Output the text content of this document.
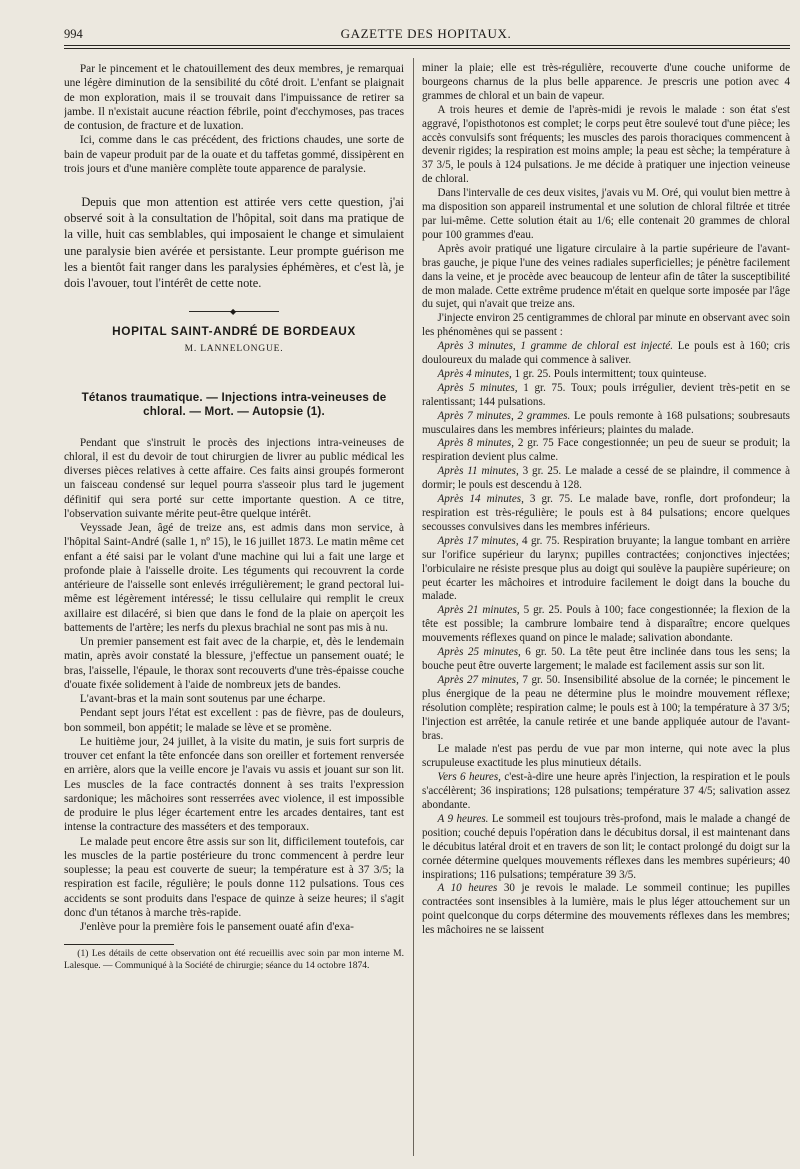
994	GAZETTE DES HOPITAUX.

Par le pincement et le chatouillement des deux membres, je remarquai une légère diminution de la sensibilité du côté droit. L'enfant se plaignait de mon exploration, mais il se trouvait dans l'impuissance de retirer sa jambe. Il n'existait aucune réaction fébrile, point d'ecchymoses, pas traces de contusion, de fracture et de luxation.

Ici, comme dans le cas précédent, des frictions chaudes, une sorte de bain de vapeur produit par de la ouate et du taffetas gommé, dissipèrent en trois jours et d'une manière complète toute apparence de paralysie.

Depuis que mon attention est attirée vers cette question, j'ai observé soit à la consultation de l'hôpital, soit dans ma pratique de la ville, huit cas semblables, qui imposaient le change et simulaient une paralysie bien avérée et persistante. Leur prompte guérison me les a bientôt fait ranger dans les paralysies éphémères, et c'est là, je dois l'avouer, tout l'intérêt de cette note.

◆
HOPITAL SAINT-ANDRÉ DE BORDEAUX
M. LANNELONGUE.
Tétanos traumatique. — Injections intra-veineuses de chloral. — Mort. — Autopsie (1).

Pendant que s'instruit le procès des injections intra-veineuses de chloral, il est du devoir de tout chirurgien de livrer au public médical les diverses pièces relatives à cette affaire. Ces faits ainsi groupés formeront un faisceau condensé sur lequel pourra s'asseoir plus tard le jugement définitif qui sera porté sur cette importante question. A ce titre, l'observation suivante mérite peut-être quelque intérêt.

Veyssade Jean, âgé de treize ans, est admis dans mon service, à l'hôpital Saint-André (salle 1, nº 15), le 16 juillet 1873. Le matin même cet enfant a été saisi par le volant d'une machine qui lui a fait une large et profonde plaie à l'aisselle droite. Les téguments qui recouvrent la corde antérieure de l'aisselle sont enlevés irrégulièrement; le grand pectoral lui-même est légèrement intéressé; le tissu cellulaire qui remplit le creux axillaire est dilacéré, si bien que dans le fond de la plaie on aperçoit les battements de l'artère; les nerfs du plexus brachial ne sont pas mis à nu.

Un premier pansement est fait avec de la charpie, et, dès le lendemain matin, après avoir constaté la blessure, j'effectue un pansement ouaté; le bras, l'aisselle, l'épaule, le thorax sont recouverts d'une très-épaisse couche d'ouate fixée solidement à l'aide de nombreux jets de bandes.

L'avant-bras et la main sont soutenus par une écharpe.

Pendant sept jours l'état est excellent : pas de fièvre, pas de douleurs, bon sommeil, bon appétit; le malade se lève et se promène.

Le huitième jour, 24 juillet, à la visite du matin, je suis fort surpris de trouver cet enfant la tête enfoncée dans son oreiller et fortement renversée en arrière, alors que la veille encore je l'avais vu assis et jouant sur son lit. Les muscles de la face contractés donnent à ses traits l'expression sardonique; les mâchoires sont resserrées avec violence, il est impossible de produire le plus léger écartement entre les arcades dentaires, tant est intense la contracture des masséters et des temporaux.

Le malade peut encore être assis sur son lit, difficilement toutefois, car les muscles de la partie postérieure du tronc commencent à perdre leur souplesse; la peau est couverte de sueur; la température est à 37 3/5; la respiration est facile, régulière; le pouls donne 112 pulsations. Tous ces accidents se sont produits dans l'espace de quinze à seize heures; il s'agit donc d'un tétanos à marche très-rapide.

J'enlève pour la première fois le pansement ouaté afin d'exa-

(1) Les détails de cette observation ont été recueillis avec soin par mon interne M. Lalesque. — Communiqué à la Société de chirurgie; séance du 14 octobre 1874.

miner la plaie; elle est très-régulière, recouverte d'une couche uniforme de bourgeons charnus de la plus belle apparence. Je prescris une potion avec 4 grammes de chloral et un bain de vapeur.

A trois heures et demie de l'après-midi je revois le malade : son état s'est aggravé, l'opisthotonos est complet; le corps peut être soulevé tout d'une pièce; les accès convulsifs sont fréquents; les muscles des parois thoraciques commencent à devenir rigides; la respiration est moins ample; la peau est sèche; la température à 37 3/5, le pouls à 124 pulsations. Je me décide à pratiquer une injection veineuse de chloral.

Dans l'intervalle de ces deux visites, j'avais vu M. Oré, qui voulut bien mettre à ma disposition son appareil instrumental et une solution de chloral filtrée et titrée par lui-même. Cette solution était au 1/6; elle contenait 20 grammes de chloral pour 100 grammes d'eau.

Après avoir pratiqué une ligature circulaire à la partie supérieure de l'avant-bras gauche, je pique l'une des veines radiales superficielles; je pénètre facilement dans la veine, et je procède avec beaucoup de lenteur afin de tâter la susceptibilité de mon malade. Cette extrême prudence m'était en quelque sorte imposée par l'âge du sujet, qui n'avait que treize ans.

J'injecte environ 25 centigrammes de chloral par minute en observant avec soin les phénomènes qui se passent :

Après 3 minutes, 1 gramme de chloral est injecté. Le pouls est à 160; cris douloureux du malade qui commence à saliver.

Après 4 minutes, 1 gr. 25. Pouls intermittent; toux quinteuse.

Après 5 minutes, 1 gr. 75. Toux; pouls irrégulier, devient très-petit en se ralentissant; 144 pulsations.

Après 7 minutes, 2 grammes. Le pouls remonte à 168 pulsations; soubresauts musculaires dans les membres inférieurs; plaintes du malade.

Après 8 minutes, 2 gr. 75 Face congestionnée; un peu de sueur se produit; la respiration devient plus calme.

Après 11 minutes, 3 gr. 25. Le malade a cessé de se plaindre, il commence à dormir; le pouls est descendu à 128.

Après 14 minutes, 3 gr. 75. Le malade bave, ronfle, dort profondeur; la respiration est très-régulière; le pouls est à 84 pulsations; encore quelques secousses convulsives dans les membres inférieurs.

Après 17 minutes, 4 gr. 75. Respiration bruyante; la langue tombant en arrière sur l'orifice supérieur du larynx; pupilles contractées; conjonctives injectées; l'orbiculaire ne résiste presque plus au doigt qui soulève la paupière supérieure; on peut écarter les mâchoires et introduire facilement le doigt dans la bouche du malade.

Après 21 minutes, 5 gr. 25. Pouls à 100; face congestionnée; la flexion de la tête est possible; la cambrure lombaire tend à disparaître; encore quelques mouvements réflexes quand on pince le malade; salivation abondante.

Après 25 minutes, 6 gr. 50. La tête peut être inclinée dans tous les sens; la bouche peut être ouverte largement; le malade est facilement assis sur son lit.

Après 27 minutes, 7 gr. 50. Insensibilité absolue de la cornée; le pincement le plus énergique de la peau ne détermine plus le moindre mouvement réflexe; résolution complète; respiration calme; le pouls est à 100; la température à 37 3/5; l'injection est arrêtée, la canule retirée et une bande appliquée autour de l'avant-bras.

Le malade n'est pas perdu de vue par mon interne, qui note avec la plus scrupuleuse exactitude les plus minutieux détails.

Vers 6 heures, c'est-à-dire une heure après l'injection, la respiration et le pouls s'accélèrent; 36 inspirations; 128 pulsations; température 37 4/5; salivation assez abondante.

A 9 heures. Le sommeil est toujours très-profond, mais le malade a changé de position; couché depuis l'opération dans le décubitus dorsal, il est maintenant dans le décubitus latéral droit et en travers de son lit; le contact prolongé du doigt sur la cornée détermine quelques mouvements réflexes dans les membres supérieurs; 40 inspirations; 116 pulsations; température 39 3/5.

A 10 heures 30 je revois le malade. Le sommeil continue; les pupilles contractées sont insensibles à la lumière, mais le plus léger attouchement sur un point quelconque du corps détermine des mouvements réflexes dans les membres; les mâchoires ne se laissent
